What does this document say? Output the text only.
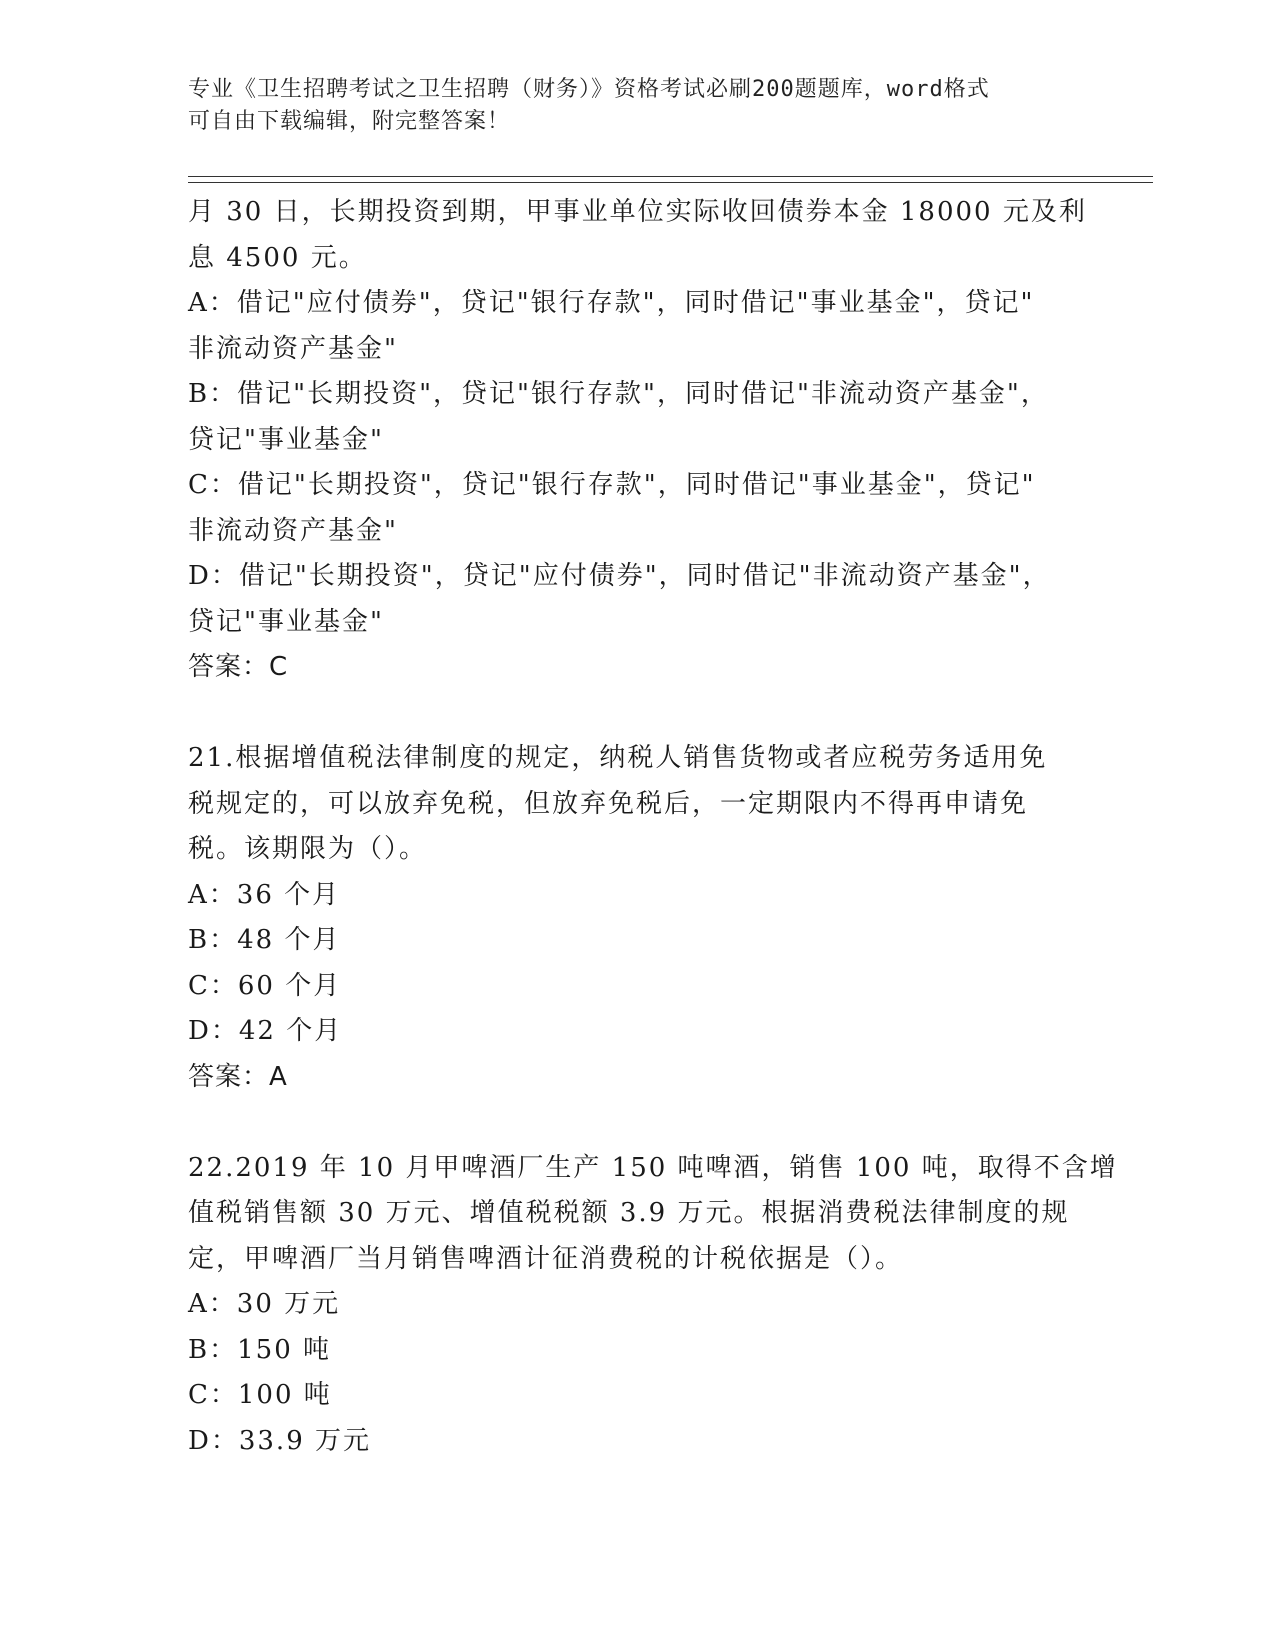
专业《卫生招聘考试之卫生招聘（财务）》资格考试必刷200题题库，word格式
可自由下载编辑，附完整答案！
月 30 日，长期投资到期，甲事业单位实际收回债券本金 18000 元及利
息 4500 元。
A：借记"应付债券"，贷记"银行存款"，同时借记"事业基金"，贷记"
非流动资产基金"
B：借记"长期投资"，贷记"银行存款"，同时借记"非流动资产基金"，
贷记"事业基金"
C：借记"长期投资"，贷记"银行存款"，同时借记"事业基金"，贷记"
非流动资产基金"
D：借记"长期投资"，贷记"应付债券"，同时借记"非流动资产基金"，
贷记"事业基金"
答案：C
21.根据增值税法律制度的规定，纳税人销售货物或者应税劳务适用免
税规定的，可以放弃免税，但放弃免税后，一定期限内不得再申请免
税。该期限为（）。
A：36 个月
B：48 个月
C：60 个月
D：42 个月
答案：A
22.2019 年 10 月甲啤酒厂生产 150 吨啤酒，销售 100 吨，取得不含增
值税销售额 30 万元、增值税税额 3.9 万元。根据消费税法律制度的规
定，甲啤酒厂当月销售啤酒计征消费税的计税依据是（）。
A：30 万元
B：150 吨
C：100 吨
D：33.9 万元
